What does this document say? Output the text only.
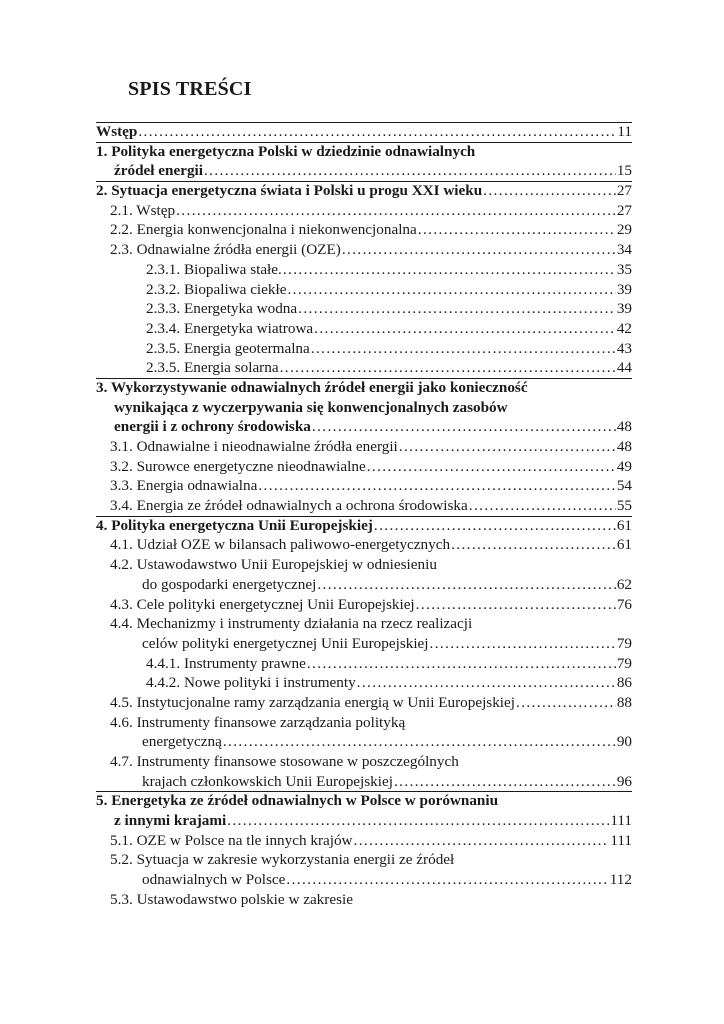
SPIS TREŚCI
Wstęp . . .	11
1. Polityka energetyczna Polski w dziedzinie odnawialnych
źródeł energii . . .	15
2. Sytuacja energetyczna świata i Polski u progu XXI wieku . . .	27
2.1. Wstęp . . .	27
2.2. Energia konwencjonalna i niekonwencjonalna . . .	29
2.3. Odnawialne źródła energii (OZE) . . .	34
2.3.1. Biopaliwa stałe. . . .	35
2.3.2. Biopaliwa ciekłe . . .	39
2.3.3. Energetyka wodna . . .	39
2.3.4. Energetyka wiatrowa . . .	42
2.3.5. Energia geotermalna . . .	43
2.3.5. Energia solarna . . .	44
3. Wykorzystywanie odnawialnych źródeł energii jako konieczność
wynikająca z wyczerpywania się konwencjonalnych zasobów
energii i z ochrony środowiska . . .	48
3.1. Odnawialne i nieodnawialne źródła energii . . .	48
3.2. Surowce energetyczne nieodnawialne . . .	49
3.3. Energia odnawialna . . .	54
3.4. Energia ze źródeł odnawialnych a ochrona środowiska . . .	55
4. Polityka energetyczna Unii Europejskiej . . .	61
4.1. Udział OZE w bilansach paliwowo-energetycznych . . .	61
4.2. Ustawodawstwo Unii Europejskiej w odniesieniu
do gospodarki energetycznej . . .	62
4.3. Cele polityki energetycznej Unii Europejskiej . . .	76
4.4. Mechanizmy i instrumenty działania na rzecz realizacji
celów polityki energetycznej Unii Europejskiej . . .	79
4.4.1. Instrumenty prawne . . .	79
4.4.2. Nowe polityki i instrumenty . . .	86
4.5. Instytucjonalne ramy zarządzania energią w Unii Europejskiej . . .	88
4.6. Instrumenty finansowe zarządzania polityką
energetyczną . . .	90
4.7. Instrumenty finansowe stosowane w poszczególnych
krajach członkowskich Unii Europejskiej . . .	96
5. Energetyka ze źródeł odnawialnych w Polsce w porównaniu
z innymi krajami . . .	111
5.1. OZE w Polsce na tle innych krajów . . .	111
5.2. Sytuacja w zakresie wykorzystania energii ze źródeł
odnawialnych w Polsce . . .	112
5.3. Ustawodawstwo polskie w zakresie
